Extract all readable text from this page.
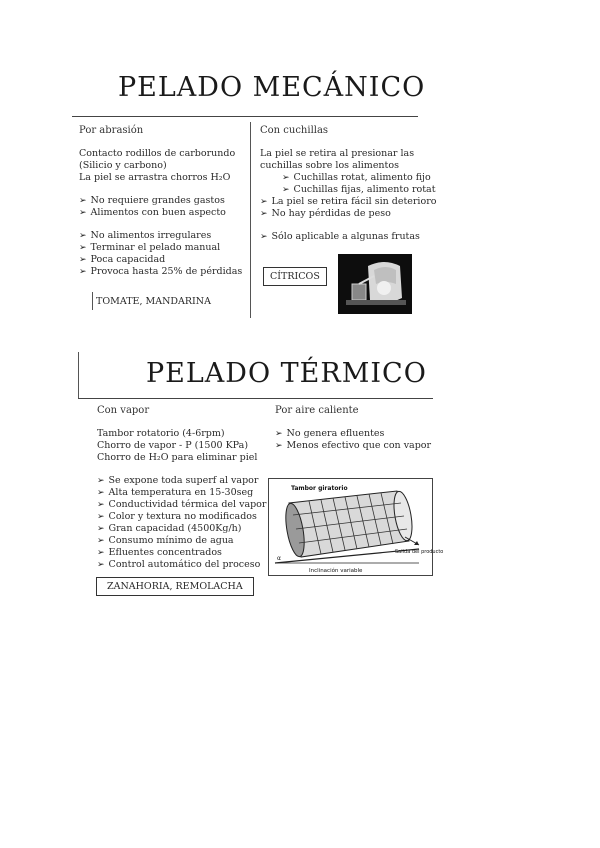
PELADO MECÁNICO

Por abrasión

Contacto rodillos de carborundo

(Silicio y carbono)

La piel se arrastra chorros H₂O

➢ No requiere grandes gastos

➢ Alimentos con buen aspecto

➢ No alimentos irregulares

➢ Terminar el pelado manual

➢ Poca capacidad

➢ Provoca hasta 25% de pérdidas

TOMATE, MANDARINA

Con cuchillas

La piel se retira al presionar las

cuchillas sobre los alimentos

➢ Cuchillas rotat, alimento fijo

➢ Cuchillas fijas, alimento rotat

➢ La piel se retira fácil sin deterioro

➢ No hay pérdidas de peso

➢ Sólo aplicable a algunas frutas

CÍTRICOS
PELADO TÉRMICO

Con vapor

Tambor rotatorio (4-6rpm)

Chorro de vapor - P (1500 KPa)

Chorro de H₂O para eliminar piel

➢ Se expone toda superf al vapor

➢ Alta temperatura en 15-30seg

➢ Conductividad térmica del vapor

➢ Color y textura no modificados

➢ Gran capacidad (4500Kg/h)

➢ Consumo mínimo de agua

➢ Efluentes concentrados

➢ Control automático del proceso

ZANAHORIA, REMOLACHA

Por aire caliente

➢ No genera efluentes

➢ Menos efectivo que con vapor

Tambor giratorio
Salida del producto
Inclinación variable
α
